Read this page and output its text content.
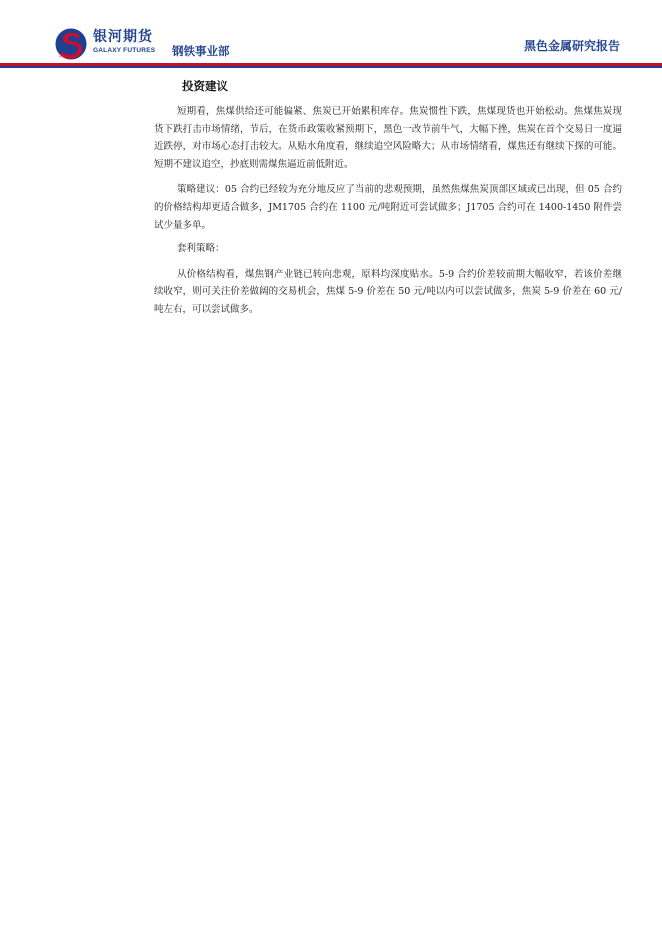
银河期货
GALAXY FUTURES 钢铁事业部	黑色金属研究报告
投资建议

短期看，焦煤供给还可能偏紧、焦炭已开始累积库存。焦炭惯性下跌，焦煤现货也开始松动。焦煤焦炭现货下跌打击市场情绪，节后，在货币政策收紧预期下，黑色一改节前牛气，大幅下挫，焦炭在首个交易日一度逼近跌停，对市场心态打击较大。从贴水角度看，继续追空风险略大；从市场情绪看，煤焦还有继续下探的可能。短期不建议追空，抄底则需煤焦逼近前低附近。

策略建议：05 合约已经较为充分地反应了当前的悲观预期，虽然焦煤焦炭顶部区域或已出现，但 05 合约的价格结构却更适合做多，JM1705 合约在 1100 元/吨附近可尝试做多；J1705 合约可在 1400-1450 附件尝试少量多单。

套利策略：

从价格结构看，煤焦钢产业链已转向悲观，原料均深度贴水。5-9 合约价差较前期大幅收窄，若该价差继续收窄，则可关注价差做阔的交易机会，焦煤 5-9 价差在 50 元/吨以内可以尝试做多，焦炭 5-9 价差在 60 元/吨左右，可以尝试做多。
